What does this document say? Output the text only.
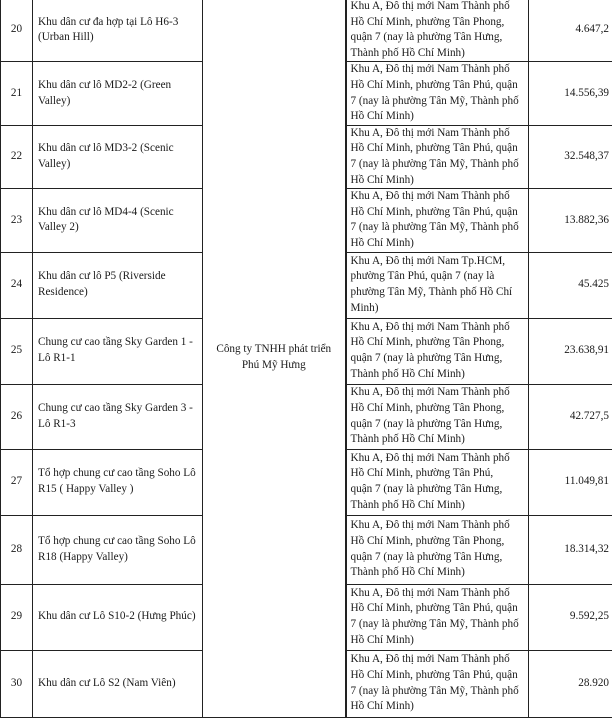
20	Khu dân cư đa hợp tại Lô H6-3
(Urban Hill)	Công ty TNHH phát triển
Phú Mỹ Hưng	Khu A, Đô thị mới Nam Thành phố
Hồ Chí Minh, phường Tân Phong,
quận 7 (nay là phường Tân Hưng,
Thành phố Hồ Chí Minh)	4.647,2
21	Khu dân cư lô MD2-2 (Green
Valley)		Khu A, Đô thị mới Nam Thành phố
Hồ Chí Minh, phường Tân Phú, quận
7 (nay là phường Tân Mỹ, Thành phố
Hồ Chí Minh)	14.556,39
22	Khu dân cư lô MD3-2 (Scenic
Valley)		Khu A, Đô thị mới Nam Thành phố
Hồ Chí Minh, phường Tân Phú, quận
7 (nay là phường Tân Mỹ, Thành phố
Hồ Chí Minh)	32.548,37
23	Khu dân cư lô MD4-4 (Scenic
Valley 2)		Khu A, Đô thị mới Nam Thành phố
Hồ Chí Minh, phường Tân Phú, quận
7 (nay là phường Tân Mỹ, Thành phố
Hồ Chí Minh)	13.882,36
24	Khu dân cư lô P5 (Riverside
Residence)		Khu A, Đô thị mới Nam Tp.HCM,
phường Tân Phú, quận 7 (nay là
phường Tân Mỹ, Thành phố Hồ Chí
Minh)	45.425
25	Chung cư cao tầng Sky Garden 1 -
Lô R1-1		Khu A, Đô thị mới Nam Thành phố
Hồ Chí Minh, phường Tân Phong,
quận 7 (nay là phường Tân Hưng,
Thành phố Hồ Chí Minh)	23.638,91
26	Chung cư cao tầng Sky Garden 3 -
Lô R1-3		Khu A, Đô thị mới Nam Thành phố
Hồ Chí Minh, phường Tân Phong,
quận 7 (nay là phường Tân Hưng,
Thành phố Hồ Chí Minh)	42.727,5
27	Tổ hợp chung cư cao tầng Soho Lô
R15 ( Happy Valley )		Khu A, Đô thị mới Nam Thành phố
Hồ Chí Minh, phường Tân Phú,
quận 7 (nay là phường Tân Hưng,
Thành phố Hồ Chí Minh)	11.049,81
28	Tổ hợp chung cư cao tầng Soho Lô
R18 (Happy Valley)		Khu A, Đô thị mới Nam Thành phố
Hồ Chí Minh, phường Tân Phong,
quận 7 (nay là phường Tân Hưng,
Thành phố Hồ Chí Minh)	18.314,32
29	Khu dân cư Lô S10-2 (Hưng Phúc)		Khu A, Đô thị mới Nam Thành phố
Hồ Chí Minh, phường Tân Phú, quận
7 (nay là phường Tân Mỹ, Thành phố
Hồ Chí Minh)	9.592,25
30	Khu dân cư Lô S2 (Nam Viên)		Khu A, Đô thị mới Nam Thành phố
Hồ Chí Minh, phường Tân Phú, quận
7 (nay là phường Tân Mỹ, Thành phố
Hồ Chí Minh)	28.920
